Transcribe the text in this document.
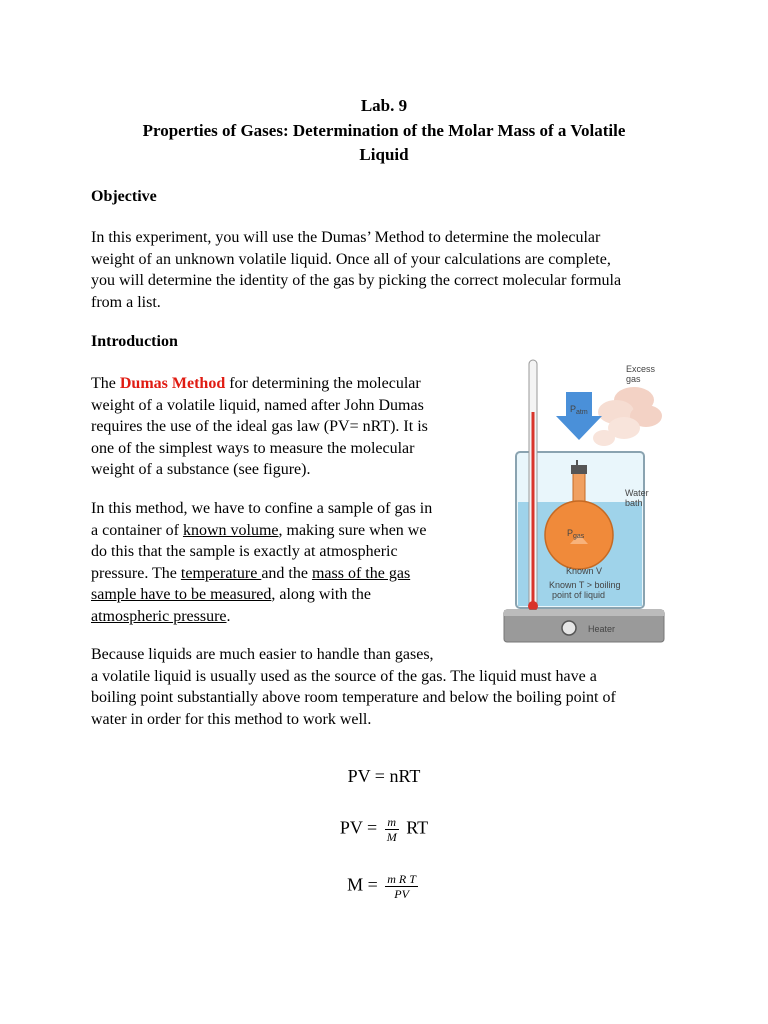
Lab. 9
Properties of Gases: Determination of the Molar Mass of a Volatile
Liquid
Objective
In this experiment, you will use the Dumas’ Method to determine the molecular
weight of an unknown volatile liquid. Once all of your calculations are complete,
you will determine the identity of the gas by picking the correct molecular formula
from a list.
Introduction
The Dumas Method for determining the molecular
weight of a volatile liquid, named after John Dumas
requires the use of the ideal gas law (PV= nRT). It is
one of the simplest ways to measure the molecular
weight of a substance (see figure).
In this method, we have to confine a sample of gas in
a container of known volume, making sure when we
do this that the sample is exactly at atmospheric
pressure. The temperature and the mass of the gas
sample have to be measured, along with the
atmospheric pressure.
Because liquids are much easier to handle than gases,
a volatile liquid is usually used as the source of the gas. The liquid must have a
boiling point substantially above room temperature and below the boiling point of
water in order for this method to work well.
PV = nRT
PV = $\frac{m}{M}$ RT
$M = \frac{\text{m R T}}{PV}$
Excess
gas
Water
bath
$P_{gas}$
Known V
Known T > boiling
point of liquid
$P_{atm}$
Heater
